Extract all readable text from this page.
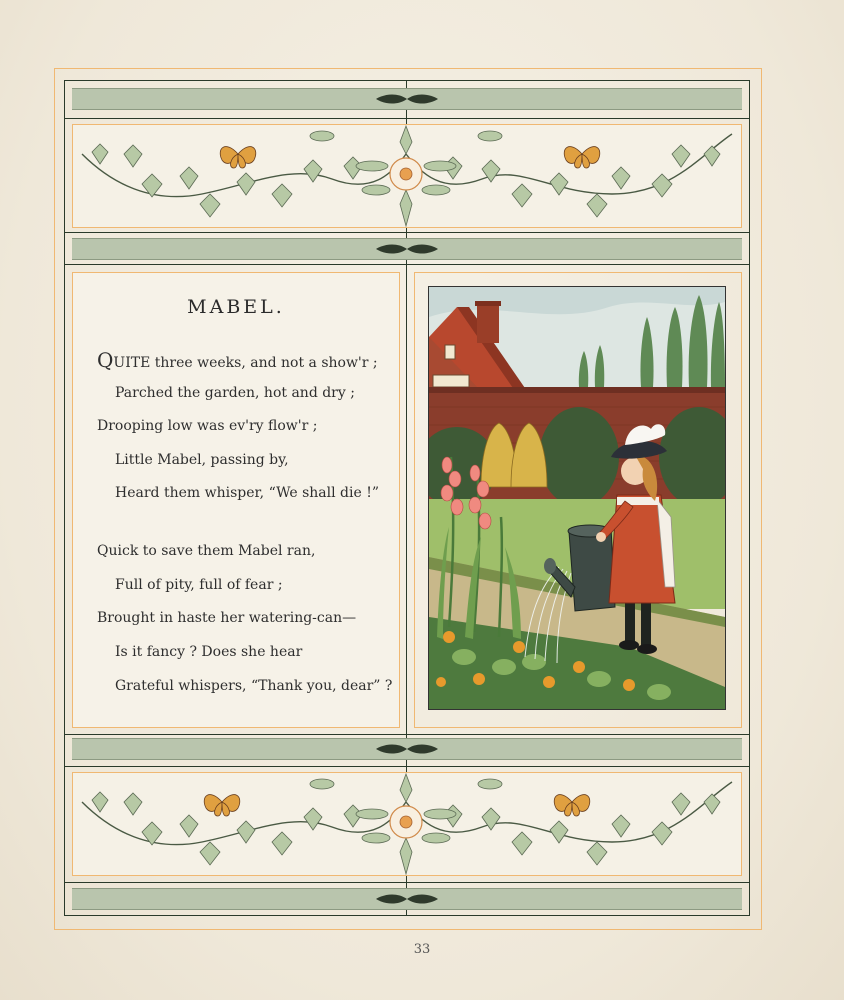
MABEL.
QUITE three weeks, and not a show'r ;
Parched the garden, hot and dry ;
Drooping low was ev'ry flow'r ;
Little Mabel, passing by,
Heard them whisper, “We shall die !”
Quick to save them Mabel ran,
Full of pity, full of fear ;
Brought in haste her watering-can—
Is it fancy ? Does she hear
Grateful whispers, “Thank you, dear” ?
33
